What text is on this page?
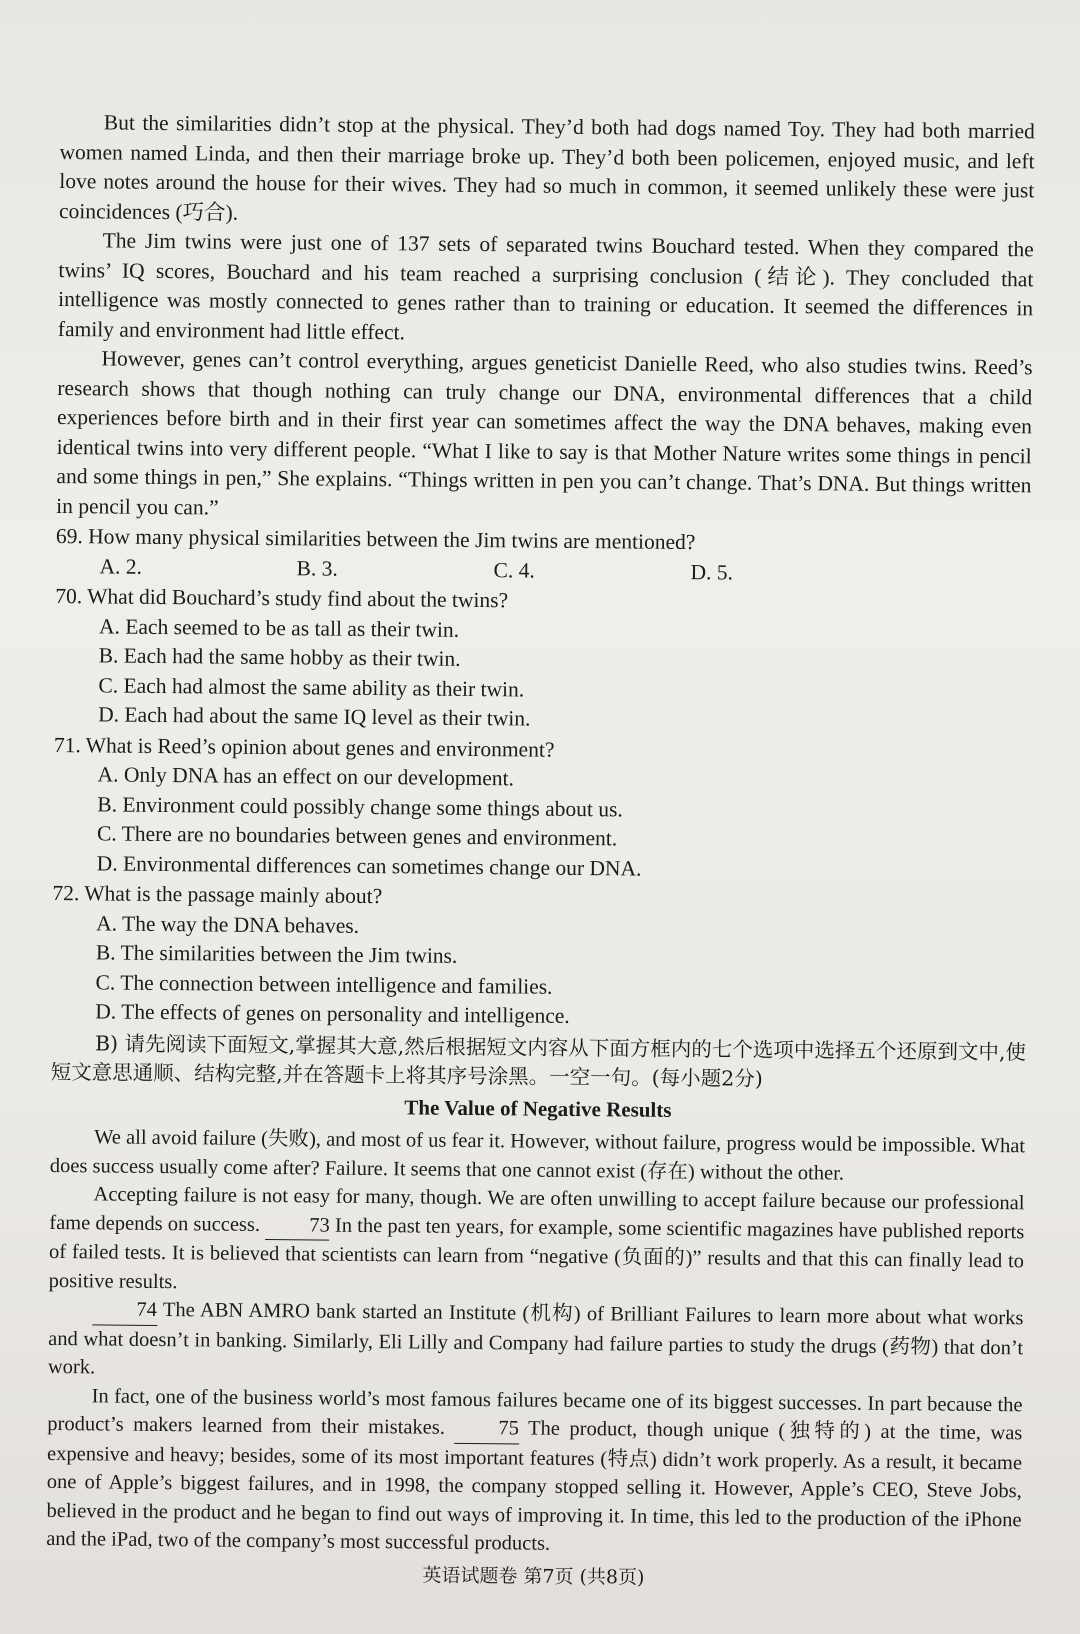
But the similarities didn’t stop at the physical. They’d both had dogs named Toy. They had both married women named Linda, and then their marriage broke up. They’d both been policemen, enjoyed music, and left love notes around the house for their wives. They had so much in common, it seemed unlikely these were just coincidences (巧合).

The Jim twins were just one of 137 sets of separated twins Bouchard tested. When they compared the twins’ IQ scores, Bouchard and his team reached a surprising conclusion (结论). They concluded that intelligence was mostly connected to genes rather than to training or education. It seemed the differences in family and environment had little effect.

However, genes can’t control everything, argues geneticist Danielle Reed, who also studies twins. Reed’s research shows that though nothing can truly change our DNA, environmental differences that a child experiences before birth and in their first year can sometimes affect the way the DNA behaves, making even identical twins into very different people. “What I like to say is that Mother Nature writes some things in pencil and some things in pen,” She explains. “Things written in pen you can’t change. That’s DNA. But things written in pencil you can.”

69. How many physical similarities between the Jim twins are mentioned?

A. 2.	B. 3.	C. 4.	D. 5.

70. What did Bouchard’s study find about the twins?

A. Each seemed to be as tall as their twin.

B. Each had the same hobby as their twin.

C. Each had almost the same ability as their twin.

D. Each had about the same IQ level as their twin.

71. What is Reed’s opinion about genes and environment?

A. Only DNA has an effect on our development.

B. Environment could possibly change some things about us.

C. There are no boundaries between genes and environment.

D. Environmental differences can sometimes change our DNA.

72. What is the passage mainly about?

A. The way the DNA behaves.

B. The similarities between the Jim twins.

C. The connection between intelligence and families.

D. The effects of genes on personality and intelligence.

B) 请先阅读下面短文,掌握其大意,然后根据短文内容从下面方框内的七个选项中选择五个还原到文中,使短文意思通顺、结构完整,并在答题卡上将其序号涂黑。一空一句。(每小题2分)

The Value of Negative Results

We all avoid failure (失败), and most of us fear it. However, without failure, progress would be impossible. What does success usually come after? Failure. It seems that one cannot exist (存在) without the other.

Accepting failure is not easy for many, though. We are often unwilling to accept failure because our professional fame depends on success. 73 In the past ten years, for example, some scientific magazines have published reports of failed tests. It is believed that scientists can learn from “negative (负面的)” results and that this can finally lead to positive results.

74 The ABN AMRO bank started an Institute (机构) of Brilliant Failures to learn more about what works and what doesn’t in banking. Similarly, Eli Lilly and Company had failure parties to study the drugs (药物) that don’t work.

In fact, one of the business world’s most famous failures became one of its biggest successes. In part because the product’s makers learned from their mistakes.	75 The product, though unique (独特的) at the time, was expensive and heavy; besides, some of its most important features (特点) didn’t work properly. As a result, it became one of Apple’s biggest failures, and in 1998, the company stopped selling it. However, Apple’s CEO, Steve Jobs, believed in the product and he began to find out ways of improving it. In time, this led to the production of the iPhone and the iPad, two of the company’s most successful products.

英语试题卷 第7页 (共8页)
